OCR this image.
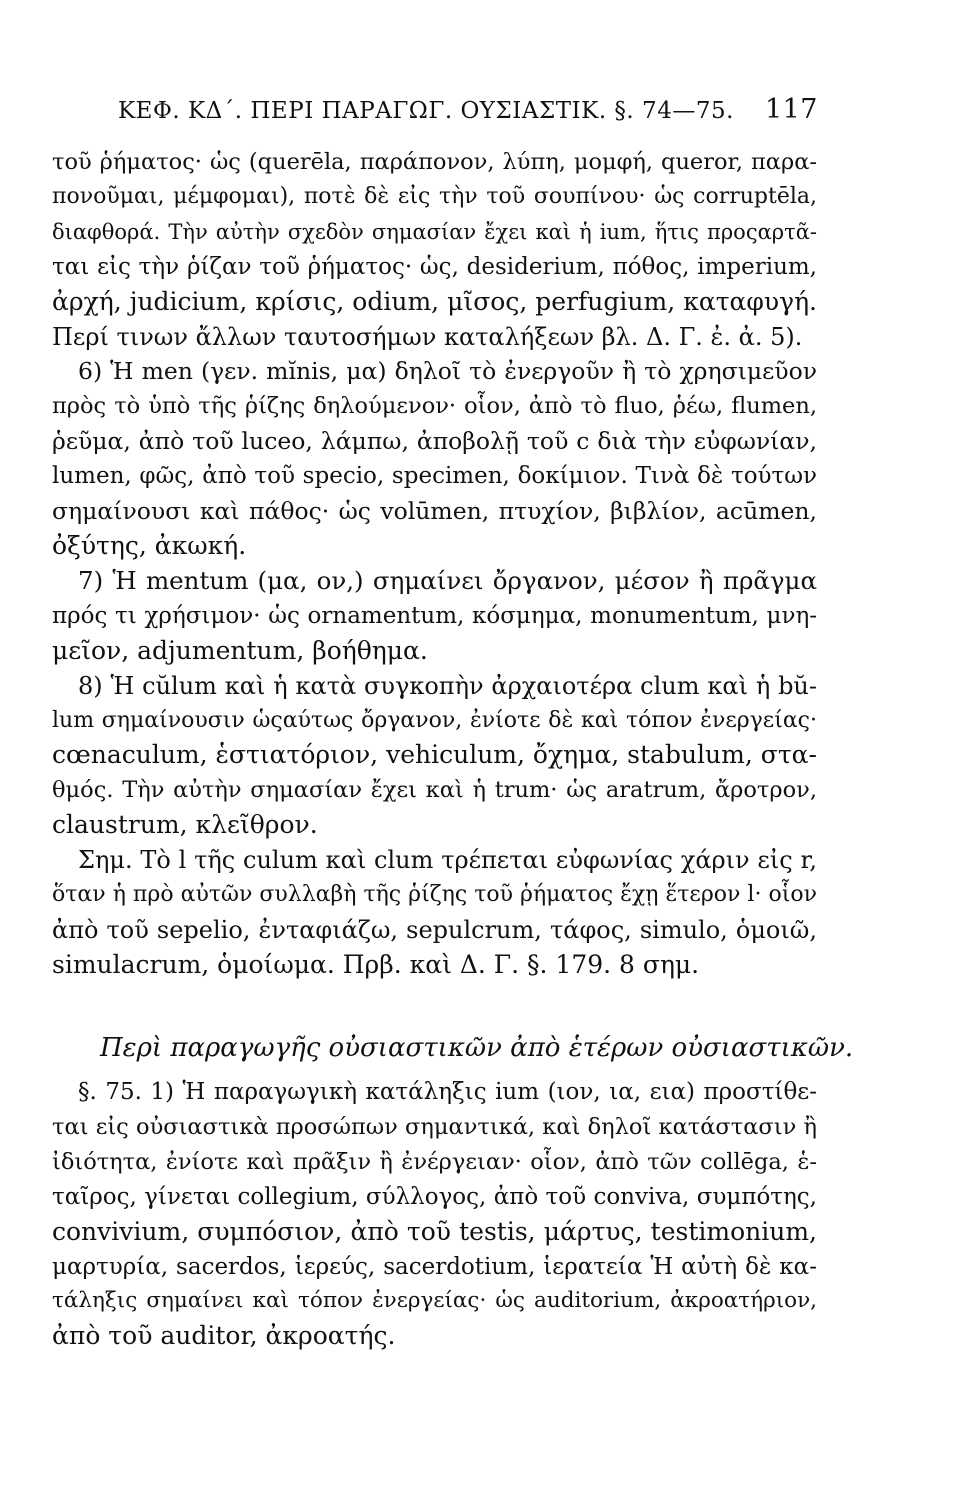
ΚΕΦ. ΚΔ΄. ΠΕΡΙ ΠΑΡΑΓΩΓ. ΟΥΣΙΑΣΤΙΚ. §. 74—75. 117
τοῦ ῥήματος· ὡς (querēla, παράπονον, λύπη, μομφή, queror, παρα-
πονοῦμαι, μέμφομαι), ποτὲ δὲ εἰς τὴν τοῦ σουπίνου· ὡς corruptēla,
διαφθορά. Τὴν αὐτὴν σχεδὸν σημασίαν ἔχει καὶ ἡ ium, ἥτις προςαρτᾶ-
ται εἰς τὴν ῥίζαν τοῦ ῥήματος· ὡς, desiderium, πόθος, imperium,
ἀρχή, judicium, κρίσις, odium, μῖσος, perfugium, καταφυγή.
Περί τινων ἄλλων ταυτοσήμων καταλήξεων βλ. Δ. Γ. ἐ. ἀ. 5).
6) Ἡ men (γεν. mĭnis, μα) δηλοῖ τὸ ἐνεργοῦν ἢ τὸ χρησιμεῦον
πρὸς τὸ ὑπὸ τῆς ῥίζης δηλούμενον· οἷον, ἀπὸ τὸ fluo, ῥέω, flumen,
ῥεῦμα, ἀπὸ τοῦ luceo, λάμπω, ἀποβολῇ τοῦ c διὰ τὴν εὐφωνίαν,
lumen, φῶς, ἀπὸ τοῦ specio, specimen, δοκίμιον. Τινὰ δὲ τούτων
σημαίνουσι καὶ πάθος· ὡς volūmen, πτυχίον, βιβλίον, acūmen,
ὀξύτης, ἀκωκή.
7) Ἡ mentum (μα, ον,) σημαίνει ὄργανον, μέσον ἢ πρᾶγμα
πρός τι χρήσιμον· ὡς ornamentum, κόσμημα, monumentum, μνη-
μεῖον, adjumentum, βοήθημα.
8) Ἡ cŭlum καὶ ἡ κατὰ συγκοπὴν ἀρχαιοτέρα clum καὶ ἡ bŭ-
lum σημαίνουσιν ὡςαύτως ὄργανον, ἐνίοτε δὲ καὶ τόπον ἐνεργείας·
cœnaculum, ἑστιατόριον, vehiculum, ὄχημα, stabulum, στα-
θμός. Τὴν αὐτὴν σημασίαν ἔχει καὶ ἡ trum· ὡς aratrum, ἄροτρον,
claustrum, κλεῖθρον.
Σημ. Τὸ l τῆς culum καὶ clum τρέπεται εὐφωνίας χάριν εἰς r,
ὅταν ἡ πρὸ αὐτῶν συλλαβὴ τῆς ῥίζης τοῦ ῥήματος ἔχῃ ἕτερον l· οἷον
ἀπὸ τοῦ sepelio, ἐνταφιάζω, sepulcrum, τάφος, simulo, ὁμοιῶ,
simulacrum, ὁμοίωμα. Πρβ. καὶ Δ. Γ. §. 179. 8 σημ.
Περὶ παραγωγῆς οὐσιαστικῶν ἀπὸ ἑτέρων οὐσιαστικῶν.
§. 75. 1) Ἡ παραγωγικὴ κατάληξις ium (ιον, ια, εια) προστίθε-
ται εἰς οὐσιαστικὰ προσώπων σημαντικά, καὶ δηλοῖ κατάστασιν ἢ
ἰδιότητα, ἐνίοτε καὶ πρᾶξιν ἢ ἐνέργειαν· οἷον, ἀπὸ τῶν collēga, ἑ-
ταῖρος, γίνεται collegium, σύλλογος, ἀπὸ τοῦ conviva, συμπότης,
convivium, συμπόσιον, ἀπὸ τοῦ testis, μάρτυς, testimonium,
μαρτυρία, sacerdos, ἱερεύς, sacerdotium, ἱερατεία Ἡ αὐτὴ δὲ κα-
τάληξις σημαίνει καὶ τόπον ἐνεργείας· ὡς auditorium, ἀκροατήριον,
ἀπὸ τοῦ auditor, ἀκροατής.
